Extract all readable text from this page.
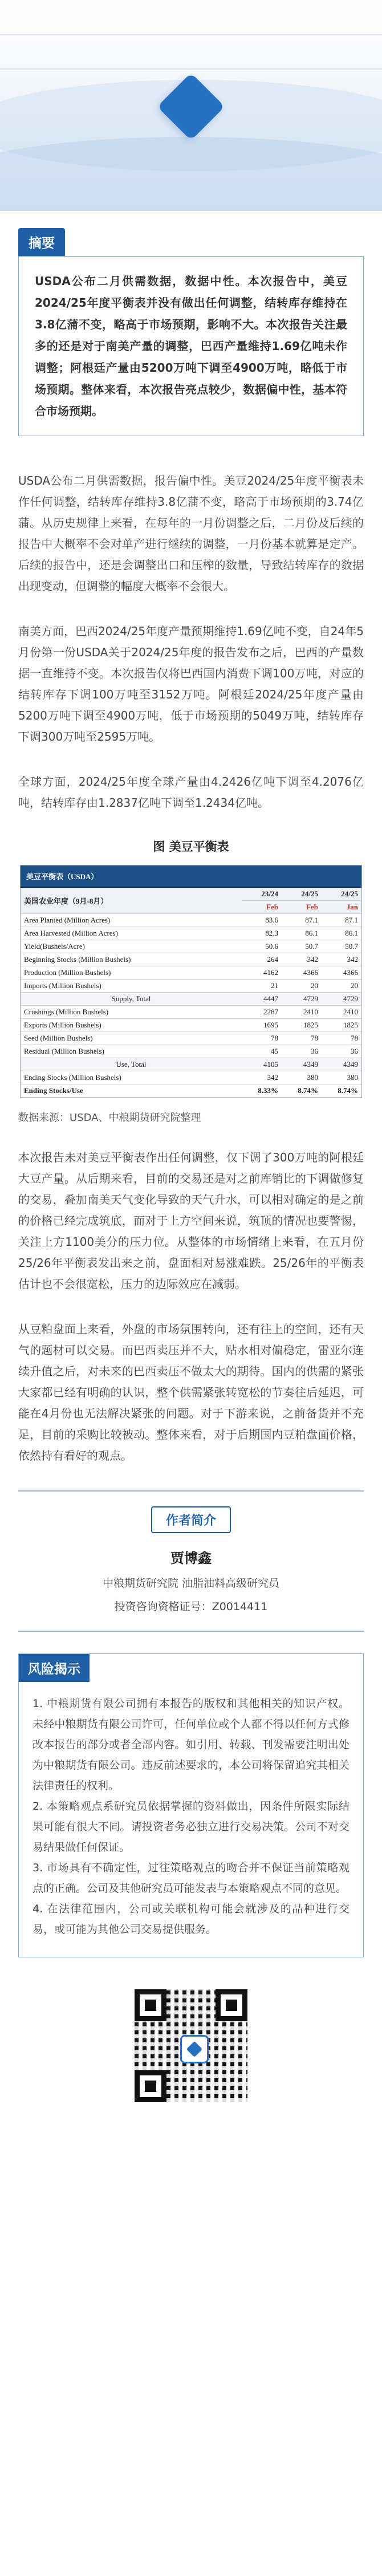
摘要
USDA公布二月供需数据，数据中性。本次报告中，美豆2024/25年度平衡表并没有做出任何调整，结转库存维持在3.8亿蒲不变，略高于市场预期，影响不大。本次报告关注最多的还是对于南美产量的调整，巴西产量维持1.69亿吨未作调整；阿根廷产量由5200万吨下调至4900万吨，略低于市场预期。整体来看，本次报告亮点较少，数据偏中性，基本符合市场预期。

USDA公布二月供需数据，报告偏中性。美豆2024/25年度平衡表未作任何调整，结转库存维持3.8亿蒲不变，略高于市场预期的3.74亿蒲。从历史规律上来看，在每年的一月份调整之后，二月份及后续的报告中大概率不会对单产进行继续的调整，一月份基本就算是定产。后续的报告中，还是会调整出口和压榨的数量，导致结转库存的数据出现变动，但调整的幅度大概率不会很大。

南美方面，巴西2024/25年度产量预期维持1.69亿吨不变，自24年5月份第一份USDA关于2024/25年度的报告发布之后，巴西的产量数据一直维持不变。本次报告仅将巴西国内消费下调100万吨，对应的结转库存下调100万吨至3152万吨。阿根廷2024/25年度产量由5200万吨下调至4900万吨，低于市场预期的5049万吨，结转库存下调300万吨至2595万吨。

全球方面，2024/25年度全球产量由4.2426亿吨下调至4.2076亿吨，结转库存由1.2837亿吨下调至1.2434亿吨。

图 美豆平衡表
美豆平衡表（USDA）
美国农业年度（9月-8月）	23/24	24/25	24/25
	Feb	Feb	Jan
Area Planted (Million Acres)	83.6	87.1	87.1
Area Harvested (Million Acres)	82.3	86.1	86.1
Yield(Bushels/Acre)	50.6	50.7	50.7
Beginning Stocks (Million Bushels)	264	342	342
Production (Million Bushels)	4162	4366	4366
Imports (Million Bushels)	21	20	20
Supply, Total	4447	4729	4729
Crushings (Million Bushels)	2287	2410	2410
Exports (Million Bushels)	1695	1825	1825
Seed (Million Bushels)	78	78	78
Residual (Million Bushels)	45	36	36
Use, Total	4105	4349	4349
Ending Stocks (Million Bushels)	342	380	380
Ending Stocks/Use	8.33%	8.74%	8.74%
数据来源：USDA、中粮期货研究院整理

本次报告未对美豆平衡表作出任何调整，仅下调了300万吨的阿根廷大豆产量。从后期来看，目前的交易还是对之前库销比的下调做修复的交易，叠加南美天气变化导致的天气升水，可以相对确定的是之前的价格已经完成筑底，而对于上方空间来说，筑顶的情况也要警惕，关注上方1100美分的压力位。从整体的市场情绪上来看，在五月份25/26年平衡表发出来之前，盘面相对易涨难跌。25/26年的平衡表估计也不会很宽松，压力的边际效应在减弱。

从豆粕盘面上来看，外盘的市场氛围转向，还有往上的空间，还有天气的题材可以交易。而巴西卖压并不大，贴水相对偏稳定，雷亚尔连续升值之后，对未来的巴西卖压不做太大的期待。国内的供需的紧张大家都已经有明确的认识，整个供需紧张转宽松的节奏往后延迟，可能在4月份也无法解决紧张的问题。对于下游来说，之前备货并不充足，目前的采购比较被动。整体来看，对于后期国内豆粕盘面价格，依然持有看好的观点。

作者简介
贾博鑫
中粮期货研究院 油脂油料高级研究员
投资咨询资格证号：Z0014411
风险揭示

1. 中粮期货有限公司拥有本报告的版权和其他相关的知识产权。未经中粮期货有限公司许可，任何单位或个人都不得以任何方式修改本报告的部分或者全部内容。如引用、转载、刊发需要注明出处为中粮期货有限公司。违反前述要求的，本公司将保留追究其相关法律责任的权利。

2. 本策略观点系研究员依据掌握的资料做出，因条件所限实际结果可能有很大不同。请投资者务必独立进行交易决策。公司不对交易结果做任何保证。

3. 市场具有不确定性，过往策略观点的吻合并不保证当前策略观点的正确。公司及其他研究员可能发表与本策略观点不同的意见。

4. 在法律范围内，公司或关联机构可能会就涉及的品种进行交易，或可能为其他公司交易提供服务。
